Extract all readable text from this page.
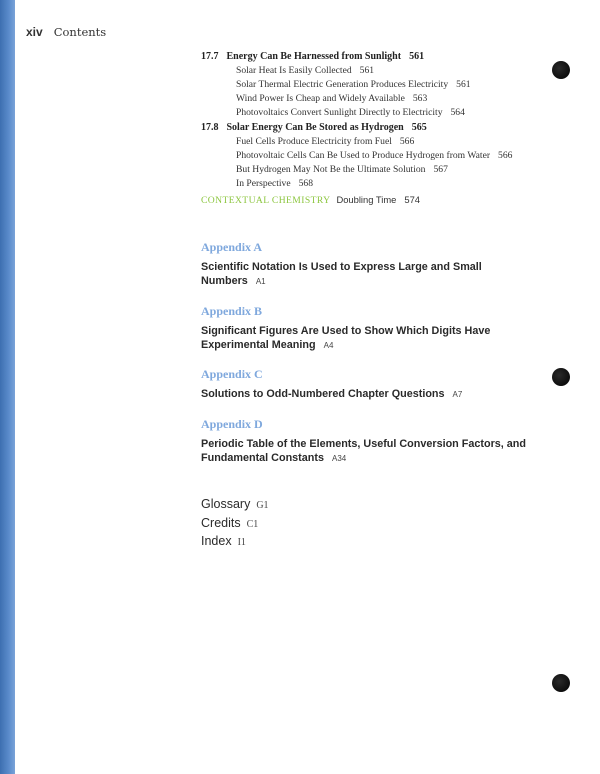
xiv Contents
17.7 Energy Can Be Harnessed from Sunlight 561
Solar Heat Is Easily Collected 561
Solar Thermal Electric Generation Produces Electricity 561
Wind Power Is Cheap and Widely Available 563
Photovoltaics Convert Sunlight Directly to Electricity 564
17.8 Solar Energy Can Be Stored as Hydrogen 565
Fuel Cells Produce Electricity from Fuel 566
Photovoltaic Cells Can Be Used to Produce Hydrogen from Water 566
But Hydrogen May Not Be the Ultimate Solution 567
In Perspective 568
CONTEXTUAL CHEMISTRY Doubling Time 574
Appendix A
Scientific Notation Is Used to Express Large and Small
Numbers A1
Appendix B
Significant Figures Are Used to Show Which Digits Have
Experimental Meaning A4
Appendix C
Solutions to Odd-Numbered Chapter Questions A7
Appendix D
Periodic Table of the Elements, Useful Conversion Factors, and
Fundamental Constants A34
Glossary G1
Credits C1
Index I1
